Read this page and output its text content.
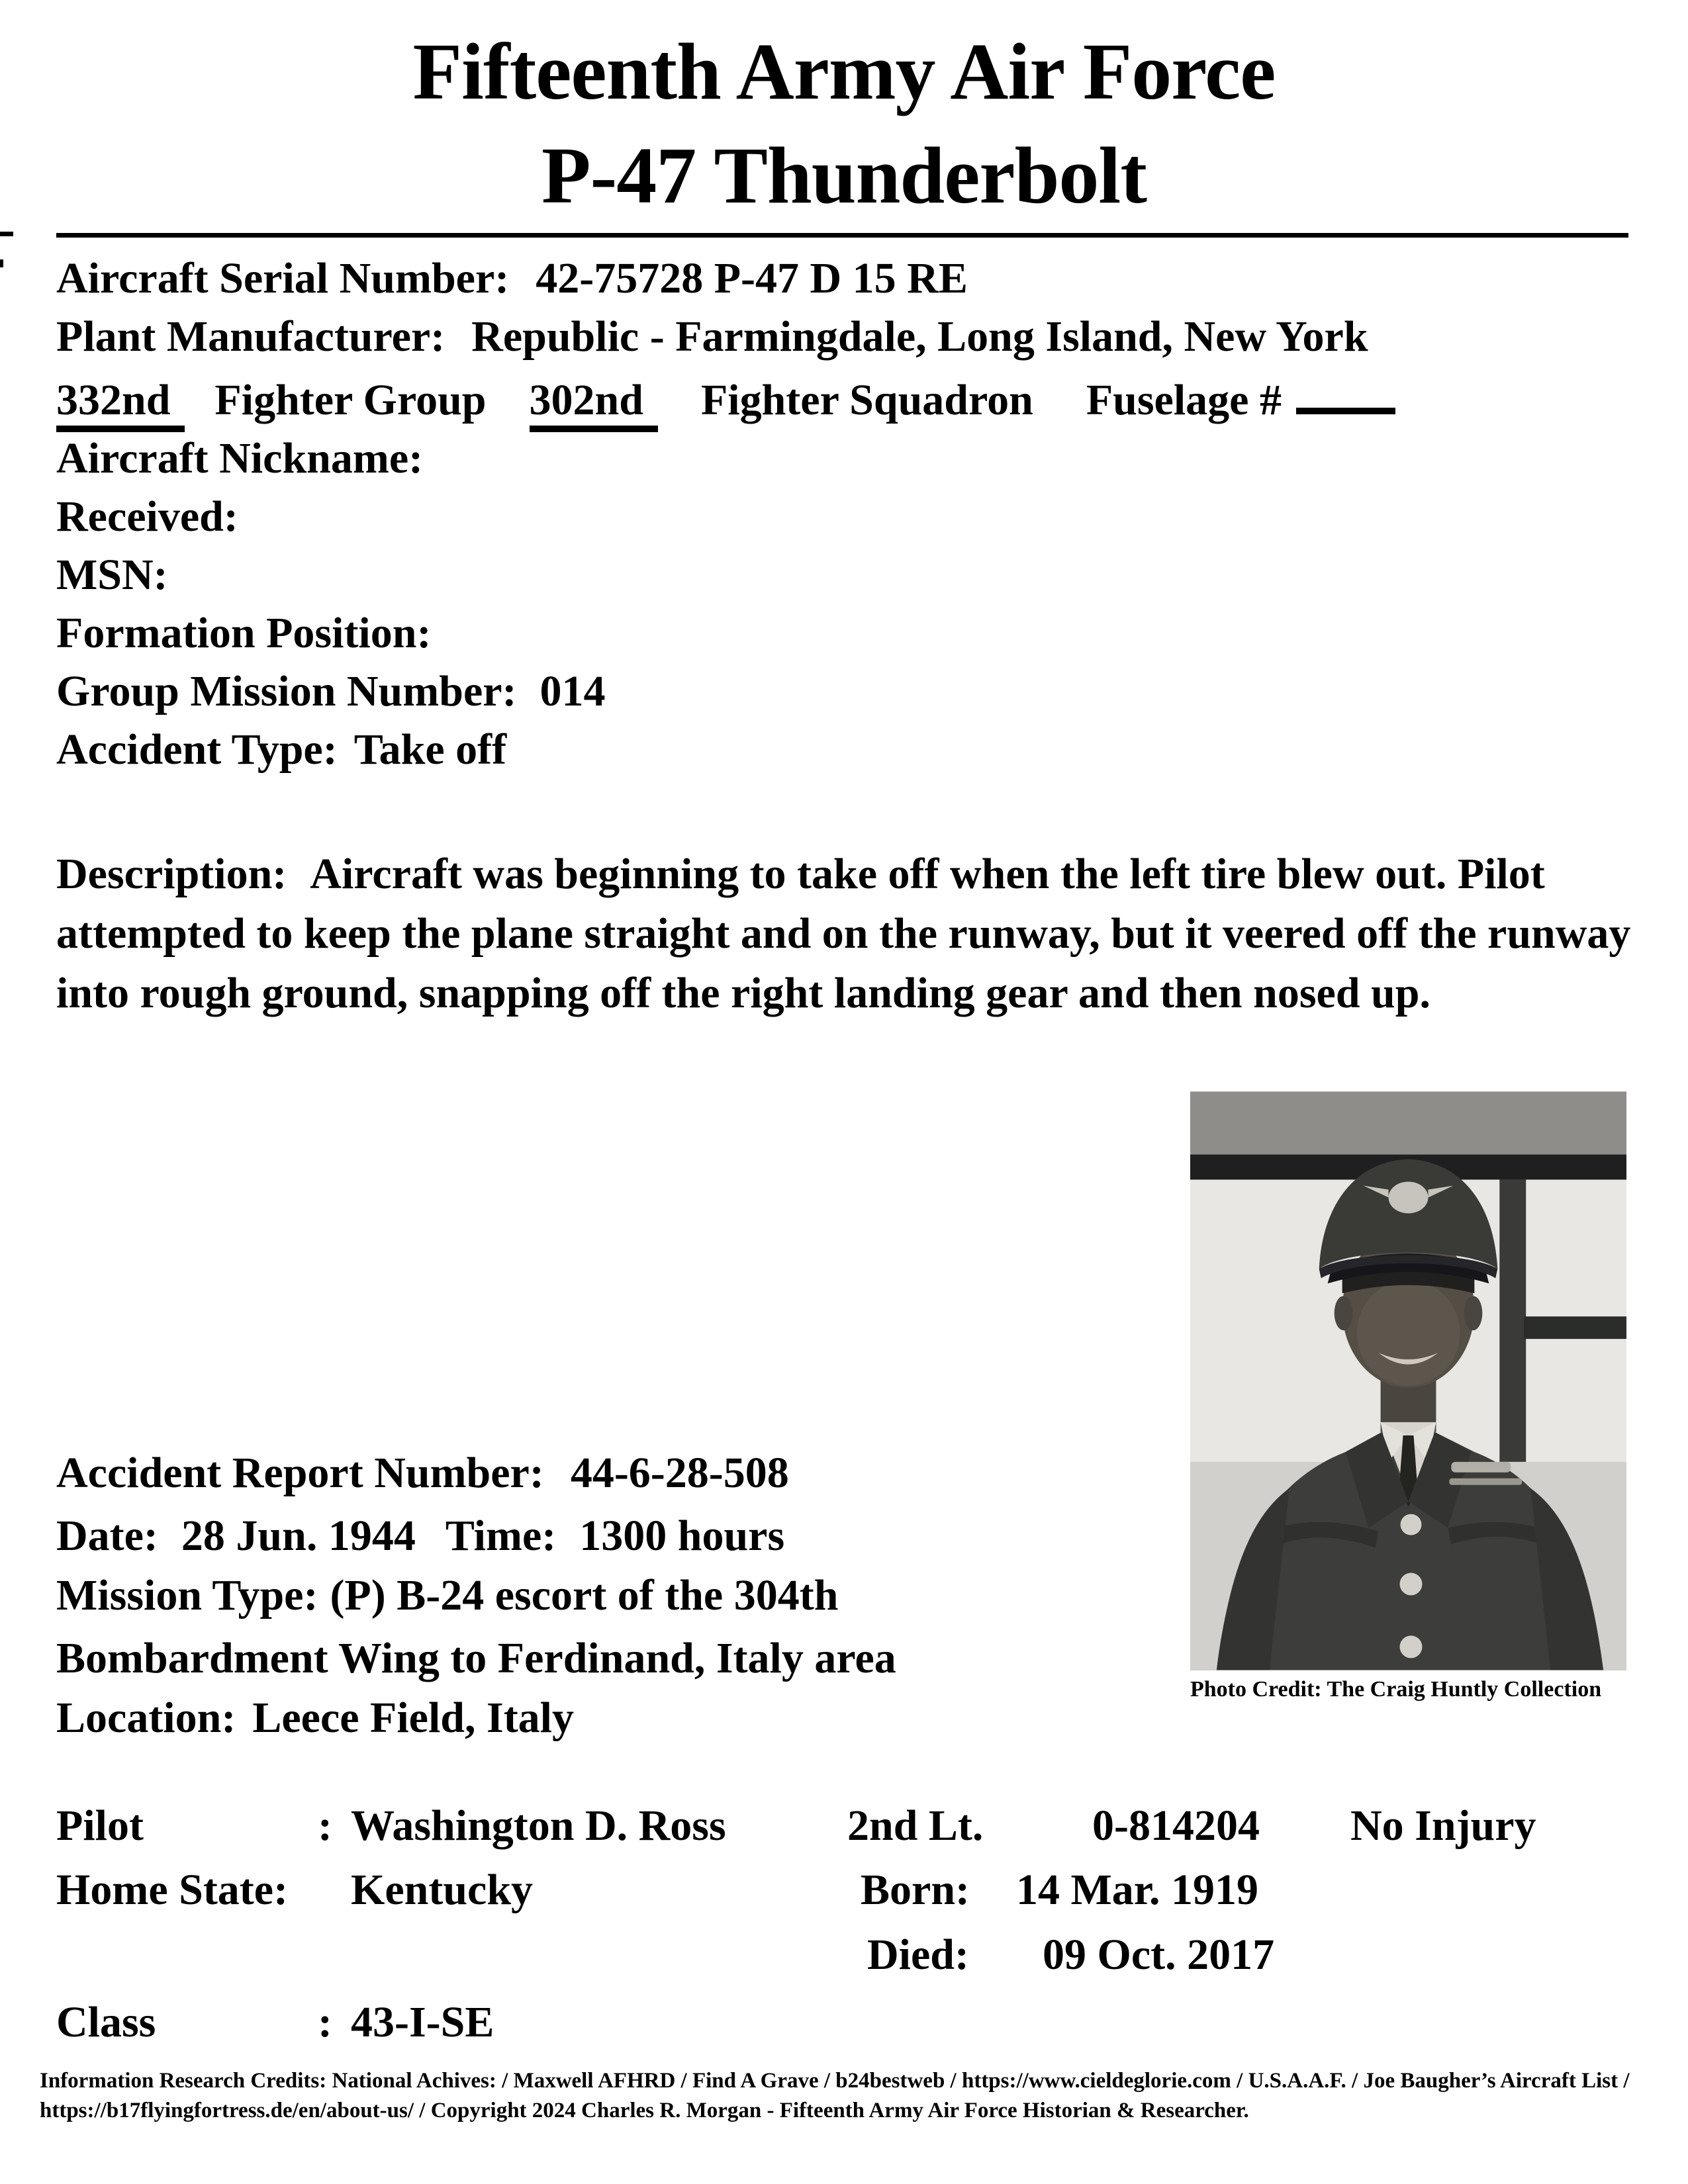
Fifteenth Army Air Force
P-47 Thunderbolt
Aircraft Serial Number: 42-75728 P-47 D 15 RE
Plant Manufacturer: Republic - Farmingdale, Long Island, New York
332nd Fighter Group 302nd Fighter Squadron Fuselage #
Aircraft Nickname:
Received:
MSN:
Formation Position:
Group Mission Number: 014
Accident Type: Take off
Description: Aircraft was beginning to take off when the left tire blew out. Pilot attempted to keep the plane straight and on the runway, but it veered off the runway into rough ground, snapping off the right landing gear and then nosed up.
Photo Credit: The Craig Huntly Collection
Accident Report Number: 44-6-28-508
Date: 28 Jun. 1944 Time: 1300 hours
Mission Type: (P) B-24 escort of the 304th
Bombardment Wing to Ferdinand, Italy area
Location: Leece Field, Italy
Pilot	: Washington D. Ross	2nd Lt. 0-814204 No Injury
Home State: Kentucky	Born: 14 Mar. 1919
Died: 09 Oct. 2017
Class	: 43-I-SE
Information Research Credits: National Achives: / Maxwell AFHRD / Find A Grave / b24bestweb / https://www.cieldeglorie.com / U.S.A.A.F. / Joe Baugher’s Aircraft List /
https://b17flyingfortress.de/en/about-us/ / Copyright 2024 Charles R. Morgan - Fifteenth Army Air Force Historian & Researcher.
